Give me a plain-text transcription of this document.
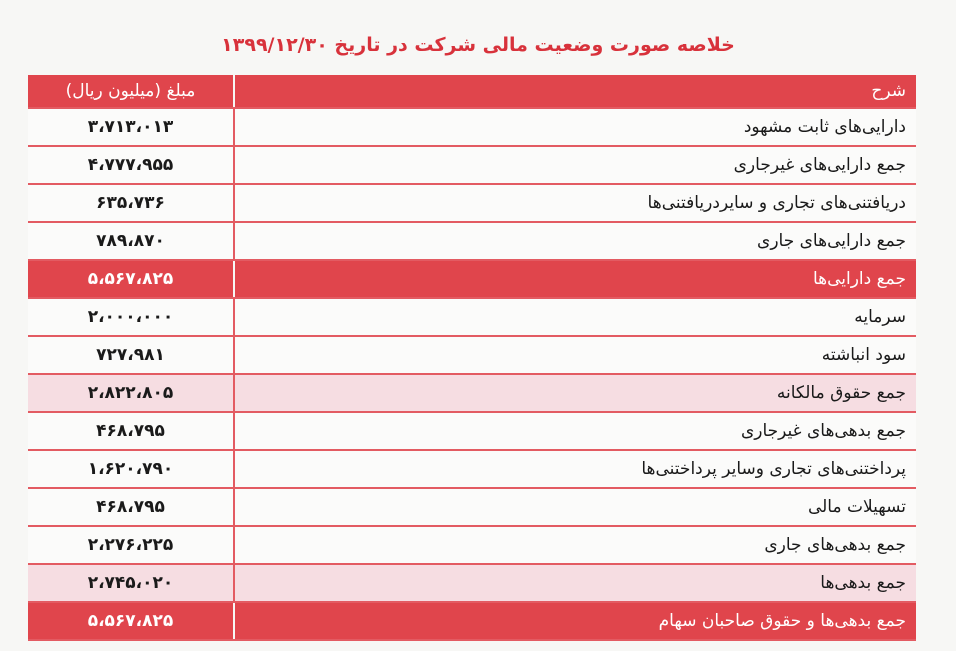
خلاصه صورت وضعیت مالی شرکت در تاریخ ۱۳۹۹/۱۲/۳۰
شرح	مبلغ (میلیون ریال)
دارایی‌های ثابت مشهود	۳،۷۱۳،۰۱۳
جمع دارایی‌های غیرجاری	۴،۷۷۷،۹۵۵
دریافتنی‌های تجاری و سایردریافتنی‌ها	۶۳۵،۷۳۶
جمع دارایی‌های جاری	۷۸۹،۸۷۰
جمع دارایی‌ها	۵،۵۶۷،۸۲۵
سرمایه	۲،۰۰۰،۰۰۰
سود انباشته	۷۲۷،۹۸۱
جمع حقوق مالکانه	۲،۸۲۲،۸۰۵
جمع بدهی‌های غیرجاری	۴۶۸،۷۹۵
پرداختنی‌های تجاری وسایر پرداختنی‌ها	۱،۶۲۰،۷۹۰
تسهیلات مالی	۴۶۸،۷۹۵
جمع بدهی‌های جاری	۲،۲۷۶،۲۲۵
جمع بدهی‌ها	۲،۷۴۵،۰۲۰
جمع بدهی‌ها و حقوق صاحبان سهام	۵،۵۶۷،۸۲۵
